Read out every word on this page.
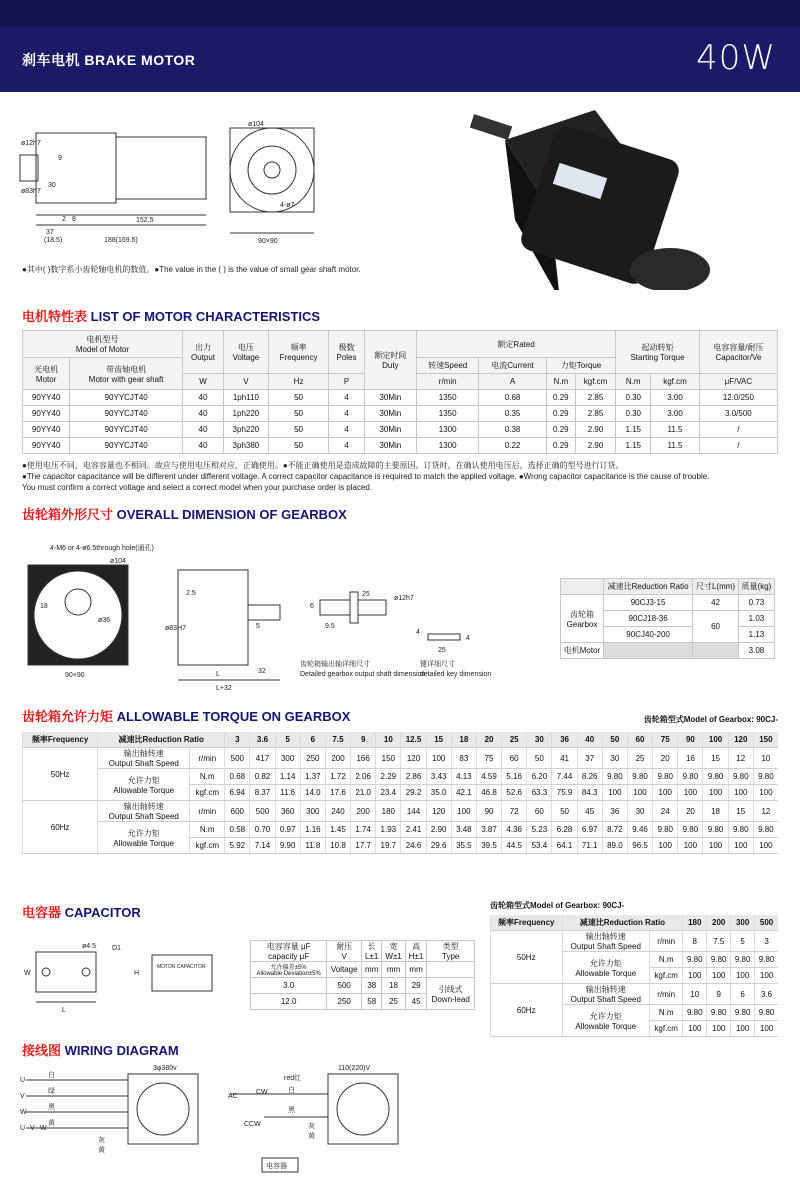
刹车电机 BRAKE MOTOR	40W
ø104
ø12h7
ø83h7
9
30
2 8
37
(18.5)
152.5
188(169.5)
4-ø7
90×90
●其中( )数字系小齿轮轴电机的数值。●The value in the ( ) is the value of small gear shaft motor.
电机特性表 LIST OF MOTOR CHARACTERISTICS
电机型号
Model of Motor		出力
Output	电压
Voltage	频率
Frequency	极数
Poles	额定时间
Duty	额定Rated				起动转矩
Starting Torque		电容容量/耐压
Capacitor/Ve
光电机
Motor	带齿轴电机
Motor with gear shaft						转速Speed	电流Current	力矩Torque				
		W	V	Hz	P		r/min	A	N.m	kgf.cm	N.m	kgf.cm	μF/VAC
90YY40	90YYCJT40	40	1ph110	50	4	30Min	1350	0.68	0.29	2.85	0.30	3.00	12.0/250
90YY40	90YYCJT40	40	1ph220	50	4	30Min	1350	0.35	0.29	2.85	0.30	3.00	3.0/500
90YY40	90YYCJT40	40	3ph220	50	4	30Min	1300	0.38	0.29	2.90	1.15	11.5	/
90YY40	90YYCJT40	40	3ph380	50	4	30Min	1300	0.22	0.29	2.90	1.15	11.5	/
●使用电压不同，电容容量也不相同。故应与使用电压相对应，正确使用。●不能正确使用是造成故障的主要原因。订货时，在确认使用电压后，选择正确的型号进行订货。
●The capacitor capacitance will be different under different voltage. A correct capacitor capacitance is required to match the applied voltage. ●Wrong capacitor capacitance is the cause of trouble.
You must confirm a correct voltage and select a correct model when your purchase order is placed.
齿轮箱外形尺寸 OVERALL DIMENSION OF GEARBOX
4-M6 or 4-ø6.5through hole(通孔)
ø104
ø36
18
90×90
2.5
ø83H7	5
L
L+32
32
25
9.5
6
ø12h7
齿轮箱输出轴详细尺寸
Detailed gearbox output shaft dimension
25
4
4
键详细尺寸
detailed key dimension
	减速比Reduction Ratio	尺寸L(mm)	质量(kg)
齿轮箱
Gearbox	90CJ3-15	42	0.73
	90CJ18-36	60	1.03
	90CJ40-200		1.13
电机Motor			3.08
齿轮箱允许力矩 ALLOWABLE TORQUE ON GEARBOX	齿轮箱型式Model of Gearbox: 90CJ-
频率Frequency	减速比Reduction Ratio		3	3.6	5	6	7.5	9	10	12.5	15	18	20	25	30	36	40	50	60	75	90	100	120	150
50Hz	输出轴转速
Output Shaft Speed	r/min	500	417	300	250	200	166	150	120	100	83	75	60	50	41	37	30	25	20	16	15	12	10
	允许力矩
Allowable Torque	N.m	0.68	0.82	1.14	1.37	1.72	2.06	2.29	2.86	3.43	4.13	4.59	5.16	6.20	7.44	8.26	9.80	9.80	9.80	9.80	9.80	9.80	9.80
		kgf.cm	6.94	8.37	11.6	14.0	17.6	21.0	23.4	29.2	35.0	42.1	46.8	52.6	63.3	75.9	84.3	100	100	100	100	100	100	100
60Hz	输出轴转速
Output Shaft Speed	r/min	600	500	360	300	240	200	180	144	120	100	90	72	60	50	45	36	30	24	20	18	15	12
	允许力矩
Allowable Torque	N.m	0.58	0.70	0.97	1.16	1.45	1.74	1.93	2.41	2.90	3.48	3.87	4.36	5.23	6.28	6.97	8.72	9.46	9.80	9.80	9.80	9.80	9.80
		kgf.cm	5.92	7.14	9.90	11.8	10.8	17.7	19.7	24.6	29.6	35.5	39.5	44.5	53.4	64.1	71.1	89.0	96.5	100	100	100	100	100
电容器 CAPACITOR
ø4.5 D1
W	H
L
MOTOR CAPACITOR
电容容量 μF
capacity μF	耐压
V	长
L±1	宽
W±1	高
H±1	类型
Type
允许偏差±5%
Allowable Deviation±5%	Voltage	mm	mm	mm	
3.0	500	38	18	29	引线式
Down-lead
12.0	250	58	25	45	
齿轮箱型式Model of Gearbox: 90CJ-
频率Frequency	减速比Reduction Ratio		180	200	300	500
50Hz	输出轴转速
Output Shaft Speed	r/min	8	7.5	5	3
	允许力矩
Allowable Torque	N.m	9.80	9.80	9.80	9.80
		kgf.cm	100	100	100	100
60Hz	输出轴转速
Output Shaft Speed	r/min	10	9	6	3.6
	允许力矩
Allowable Torque	N.m	9.80	9.80	9.80	9.80
		kgf.cm	100	100	100	100
接线图 WIRING DIAGRAM
3φ380v	110(220)V
U
V
W
U V W
白
绿
黑
黄
灰
黄
red红
AC
CW
CCW
白
黑
灰
黄
电容器
